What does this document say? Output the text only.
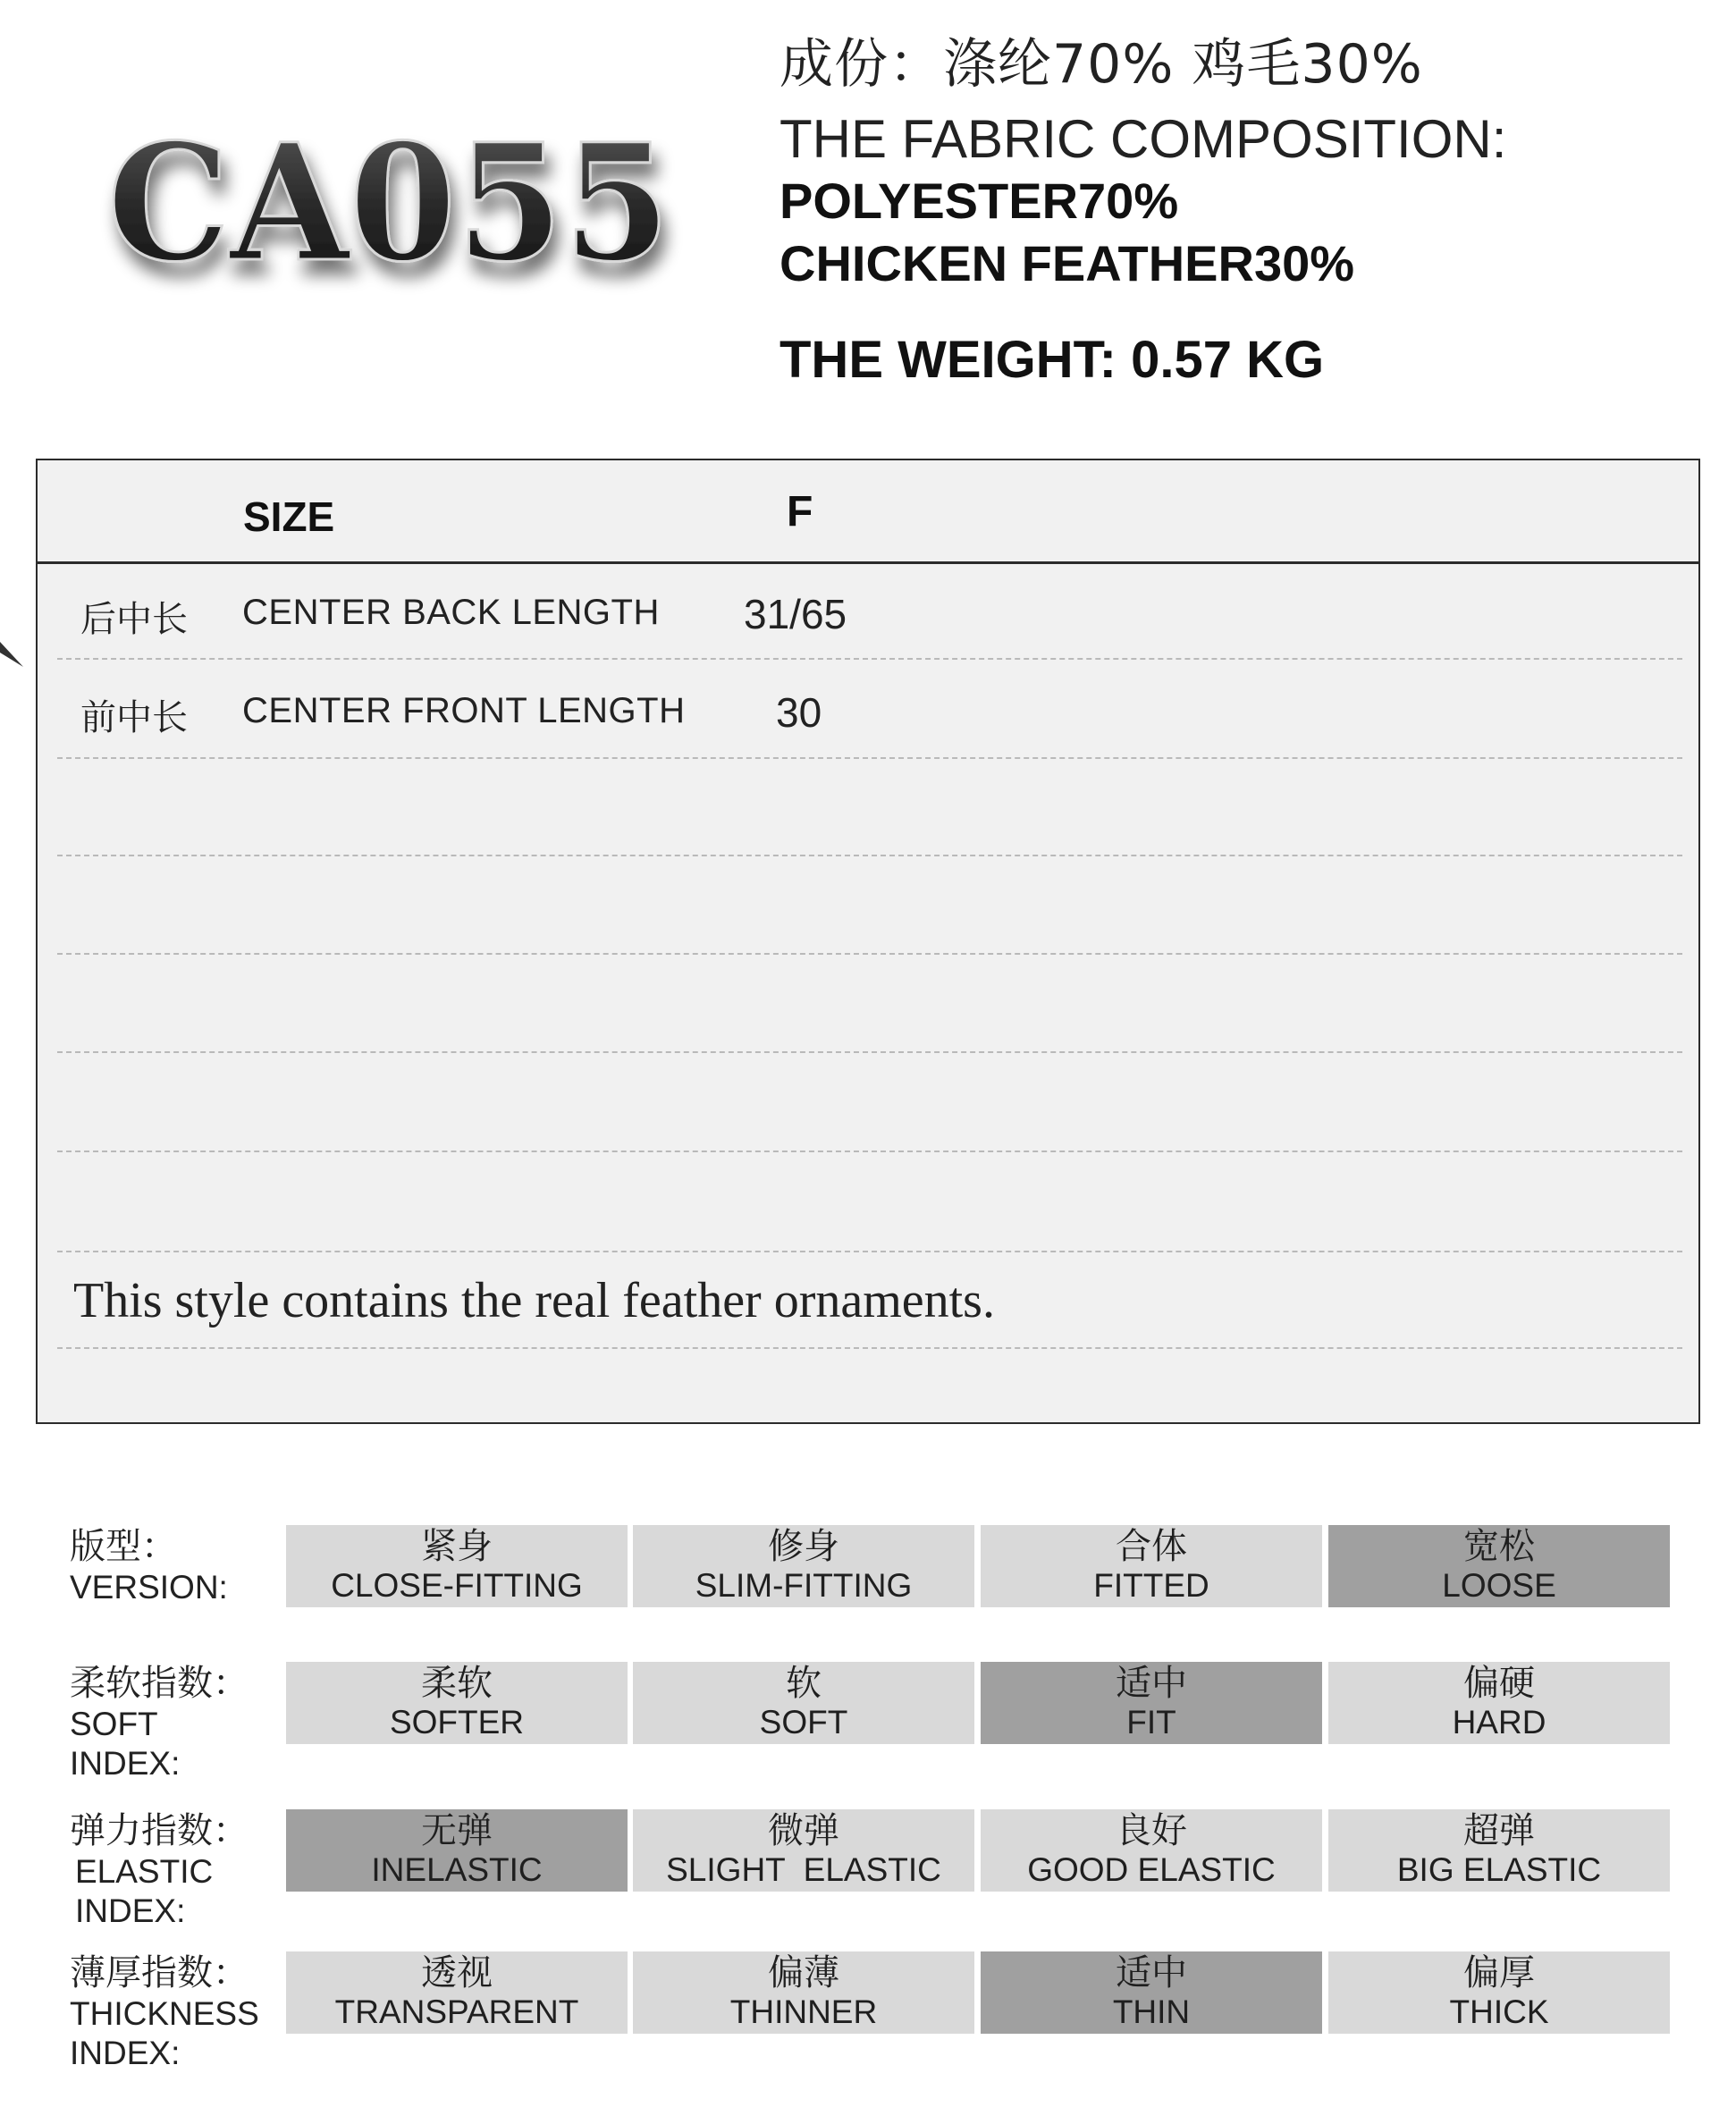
CA055
成份：涤纶70% 鸡毛30%
THE FABRIC COMPOSITION:
POLYESTER70%
CHICKEN FEATHER30%
THE WEIGHT: 0.57 KG
SIZE	F
后中长 CENTER BACK LENGTH 31/65
前中长 CENTER FRONT LENGTH 30
This style contains the real feather ornaments.
版型：
VERSION:
紧身
CLOSE-FITTING
修身
SLIM-FITTING
合体
FITTED
宽松
LOOSE
柔软指数：
SOFT
INDEX:
柔软
SOFTER
软
SOFT
适中
FIT
偏硬
HARD
弹力指数：
ELASTIC
INDEX:
无弹
INELASTIC
微弹
SLIGHT  ELASTIC
良好
GOOD ELASTIC
超弹
BIG ELASTIC
薄厚指数：
THICKNESS
INDEX:
透视
TRANSPARENT
偏薄
THINNER
适中
THIN
偏厚
THICK
